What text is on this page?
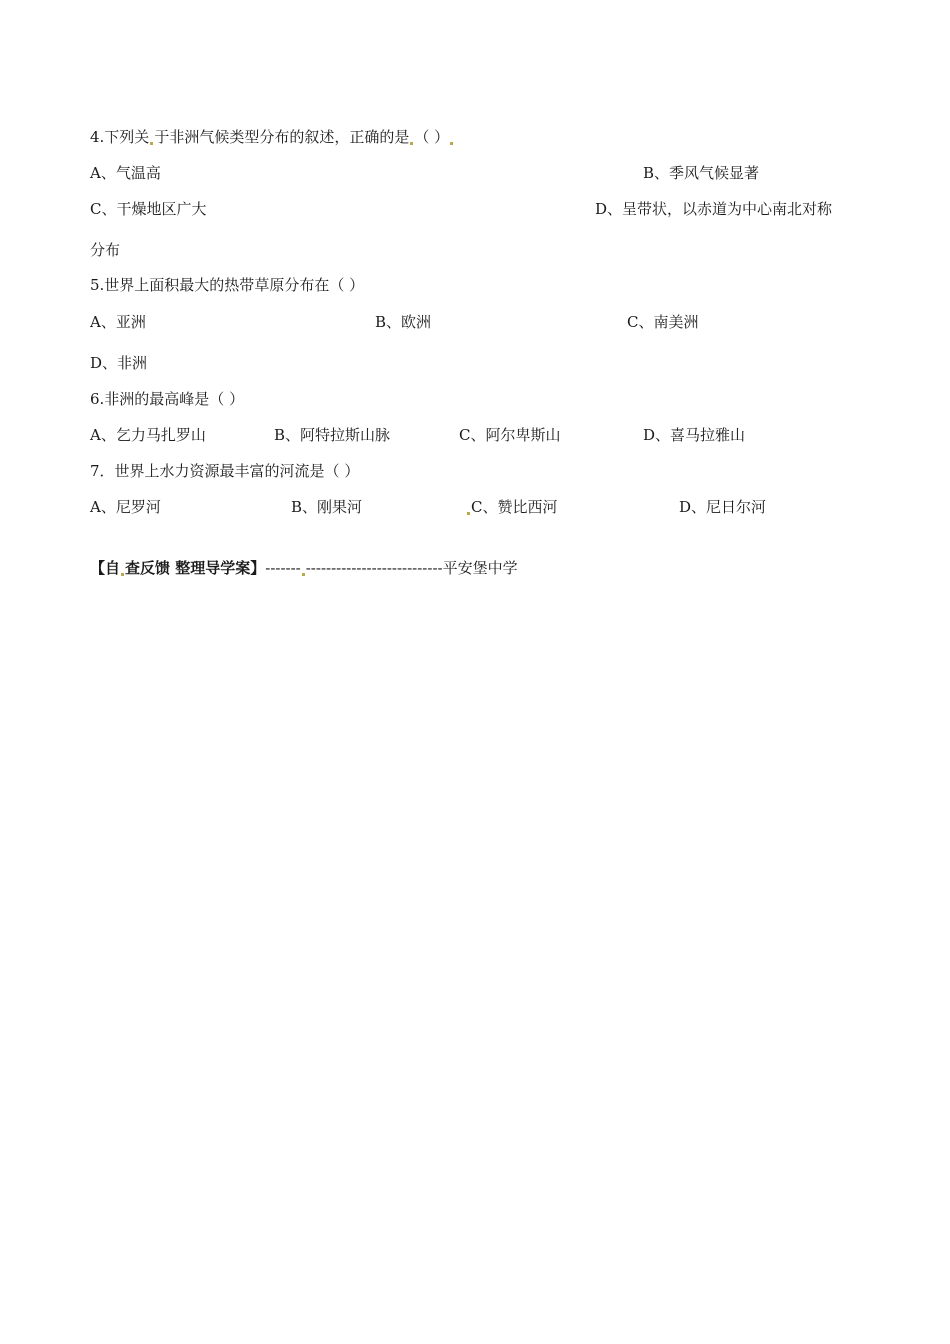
4.下列关 于非洲气候类型分布的叙述，正确的是 （ ）
A、气温高	B、季风气候显著
C、干燥地区广大	D、呈带状，以赤道为中心南北对称
分布
5.世界上面积最大的热带草原分布在（ ）
A、亚洲	B、欧洲	C、南美洲
D、非洲
6.非洲的最高峰是（ ）
A、乞力马扎罗山	B、阿特拉斯山脉	C、阿尔卑斯山	D、喜马拉雅山
7．世界上水力资源最丰富的河流是（ ）
A、尼罗河	B、刚果河	C、赞比西河	D、尼日尔河
【自 查反馈 整理导学案】------- ---------------------------平安堡中学
